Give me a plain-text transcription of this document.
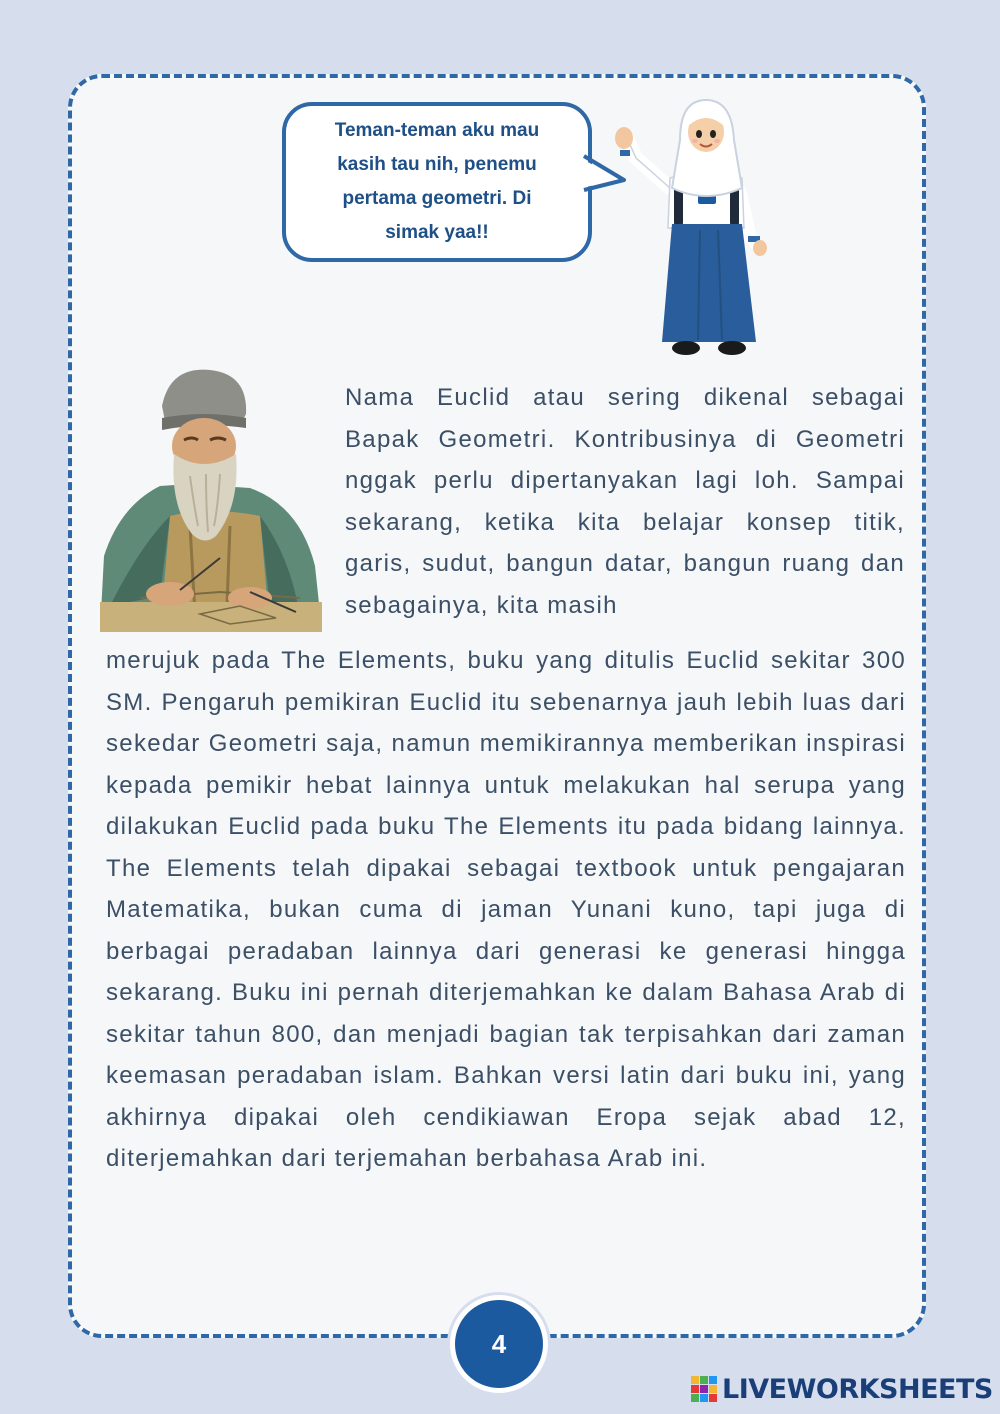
Teman-teman aku mau
kasih tau nih, penemu
pertama geometri. Di
simak yaa!!

Nama Euclid atau sering dikenal sebagai Bapak Geometri. Kontribusinya di Geometri nggak perlu dipertanyakan lagi loh. Sampai sekarang, ketika kita belajar konsep titik, garis, sudut, bangun datar, bangun ruang dan sebagainya, kita masih

merujuk pada The Elements, buku yang ditulis Euclid sekitar 300 SM. Pengaruh pemikiran Euclid itu sebenarnya jauh lebih luas dari sekedar Geometri saja, namun memikirannya memberikan inspirasi kepada pemikir hebat lainnya untuk melakukan hal serupa yang dilakukan Euclid pada buku The Elements itu pada bidang lainnya. The Elements telah dipakai sebagai textbook untuk pengajaran Matematika, bukan cuma di jaman Yunani kuno, tapi juga di berbagai peradaban lainnya dari generasi ke generasi hingga sekarang. Buku ini pernah diterjemahkan ke dalam Bahasa Arab di sekitar tahun 800, dan menjadi bagian tak terpisahkan dari zaman keemasan peradaban islam. Bahkan versi latin dari buku ini, yang akhirnya dipakai oleh cendikiawan Eropa sejak abad 12, diterjemahkan dari terjemahan berbahasa Arab ini.

4
LIVEWORKSHEETS
